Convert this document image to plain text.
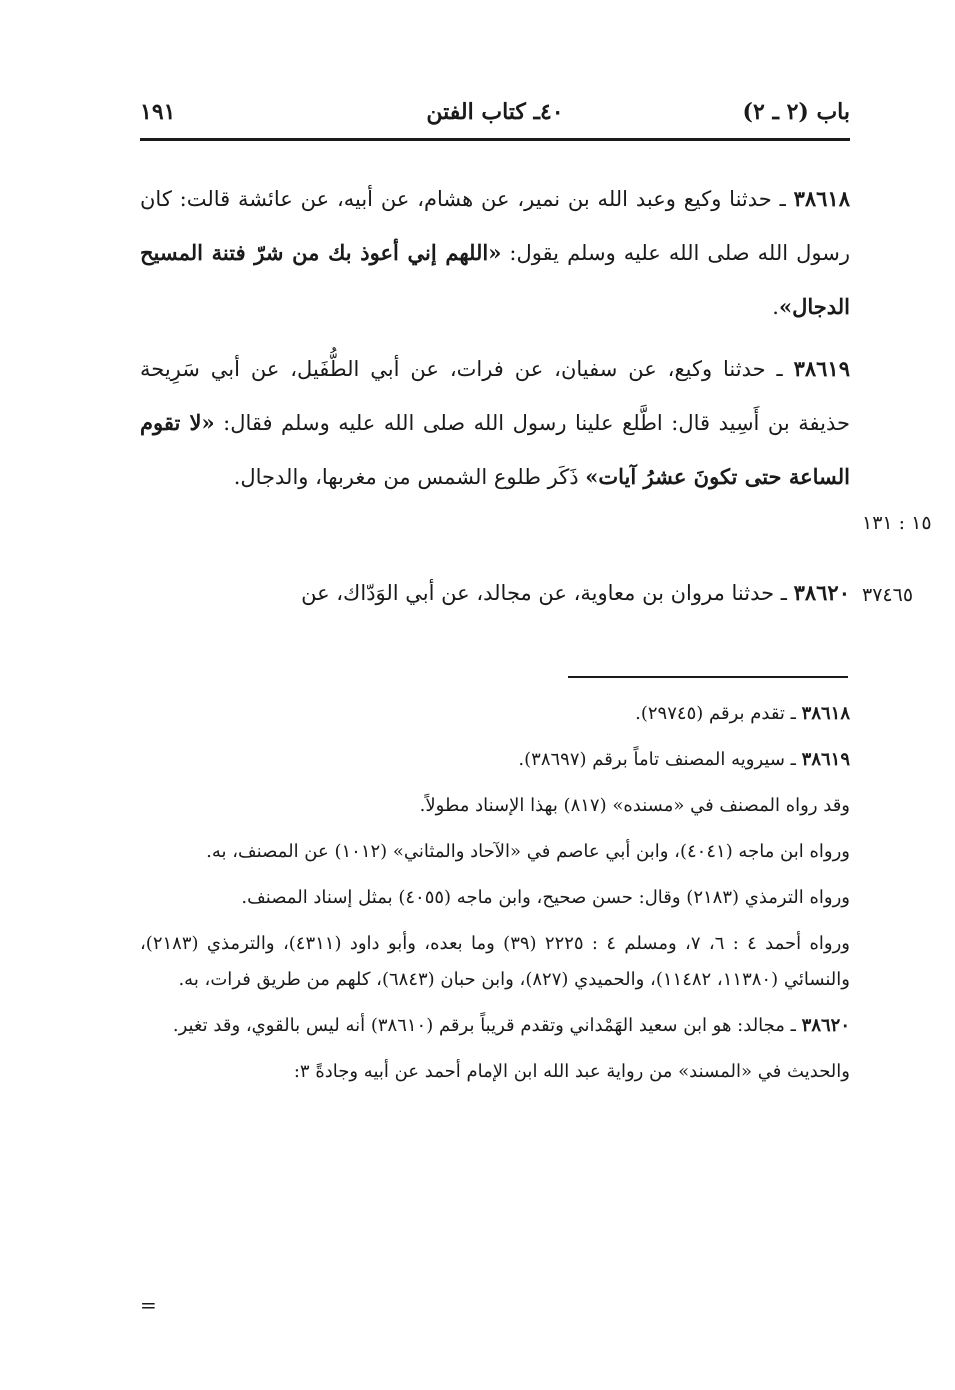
باب (٢ ـ ٢)
٤٠ـ كتاب الفتن
١٩١

٣٨٦١٨ ـ حدثنا وكيع وعبد الله بن نمير، عن هشام، عن أبيه، عن عائشة قالت: كان رسول الله صلى الله عليه وسلم يقول: «اللهم إني أعوذ بك من شرّ فتنة المسيح الدجال».

٣٨٦١٩ ـ حدثنا وكيع، عن سفيان، عن فرات، عن أبي الطُّفَيل، عن أبي سَرِيحة حذيفة بن أَسِيد قال: اطَّلع علينا رسول الله صلى الله عليه وسلم فقال: «لا تقوم الساعة حتى تكونَ عشرُ آيات» ذَكَر طلوع الشمس من مغربها، والدجال.

٣٨٦٢٠ ـ حدثنا مروان بن معاوية، عن مجالد، عن أبي الوَدّاك، عن

١٥ : ١٣١
٣٧٤٦٥

٣٨٦١٨ ـ تقدم برقم (٢٩٧٤٥).

٣٨٦١٩ ـ سيرويه المصنف تاماً برقم (٣٨٦٩٧).

وقد رواه المصنف في «مسنده» (٨١٧) بهذا الإسناد مطولاً.

ورواه ابن ماجه (٤٠٤١)، وابن أبي عاصم في «الآحاد والمثاني» (١٠١٢) عن المصنف، به.

ورواه الترمذي (٢١٨٣) وقال: حسن صحيح، وابن ماجه (٤٠٥٥) بمثل إسناد المصنف.

ورواه أحمد ٤ : ٦، ٧، ومسلم ٤ : ٢٢٢٥ (٣٩) وما بعده، وأبو داود (٤٣١١)، والترمذي (٢١٨٣)، والنسائي (١١٣٨٠، ١١٤٨٢)، والحميدي (٨٢٧)، وابن حبان (٦٨٤٣)، كلهم من طريق فرات، به.

٣٨٦٢٠ ـ مجالد: هو ابن سعيد الهَمْداني وتقدم قريباً برقم (٣٨٦١٠) أنه ليس بالقوي، وقد تغير.

والحديث في «المسند» من رواية عبد الله ابن الإمام أحمد عن أبيه وجادةً ٣:

=
